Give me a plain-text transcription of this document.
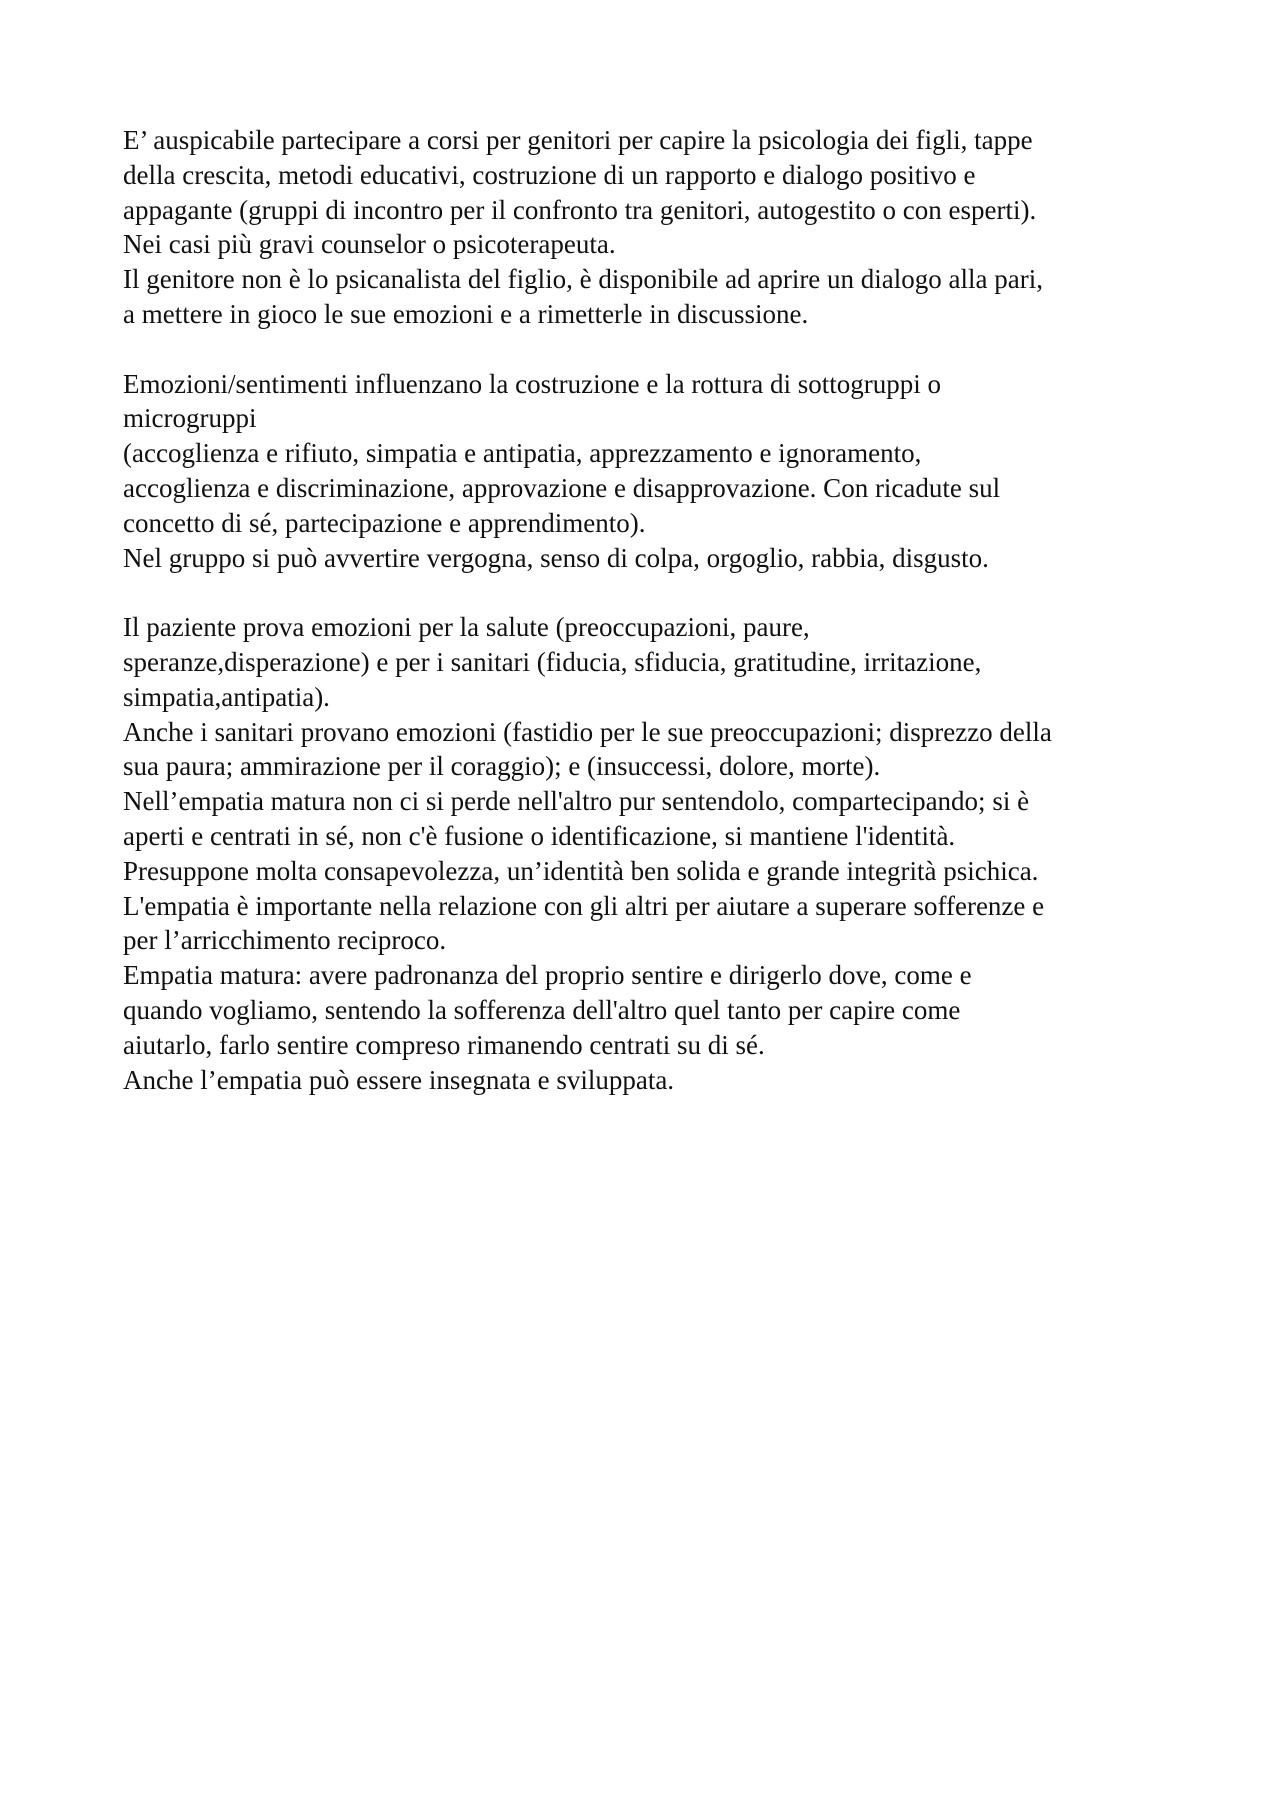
E’ auspicabile partecipare a corsi per genitori per capire la psicologia dei figli, tappe
della crescita, metodi educativi, costruzione di un rapporto e dialogo positivo e
appagante (gruppi di incontro per il confronto tra genitori, autogestito o con esperti).
Nei casi più gravi counselor o psicoterapeuta.
Il genitore non è lo psicanalista del figlio, è disponibile ad aprire un dialogo alla pari,
a mettere in gioco le sue emozioni e a rimetterle in discussione.
Emozioni/sentimenti influenzano la costruzione e la rottura di sottogruppi o
microgruppi
(accoglienza e rifiuto, simpatia e antipatia, apprezzamento e ignoramento,
accoglienza e discriminazione, approvazione e disapprovazione. Con ricadute sul
concetto di sé, partecipazione e apprendimento).
Nel gruppo si può avvertire vergogna, senso di colpa, orgoglio, rabbia, disgusto.
Il paziente prova emozioni per la salute (preoccupazioni, paure,
speranze,disperazione) e per i sanitari (fiducia, sfiducia, gratitudine, irritazione,
simpatia,antipatia).
Anche i sanitari provano emozioni (fastidio per le sue preoccupazioni; disprezzo della
sua paura; ammirazione per il coraggio); e (insuccessi, dolore, morte).
Nell’empatia matura non ci si perde nell'altro pur sentendolo, compartecipando; si è
aperti e centrati in sé, non c'è fusione o identificazione, si mantiene l'identità.
Presuppone molta consapevolezza, un’identità ben solida e grande integrità psichica.
L'empatia è importante nella relazione con gli altri per aiutare a superare sofferenze e
per l’arricchimento reciproco.
Empatia matura: avere padronanza del proprio sentire e dirigerlo dove, come e
quando vogliamo, sentendo la sofferenza dell'altro quel tanto per capire come
aiutarlo, farlo sentire compreso rimanendo centrati su di sé.
Anche l’empatia può essere insegnata e sviluppata.
